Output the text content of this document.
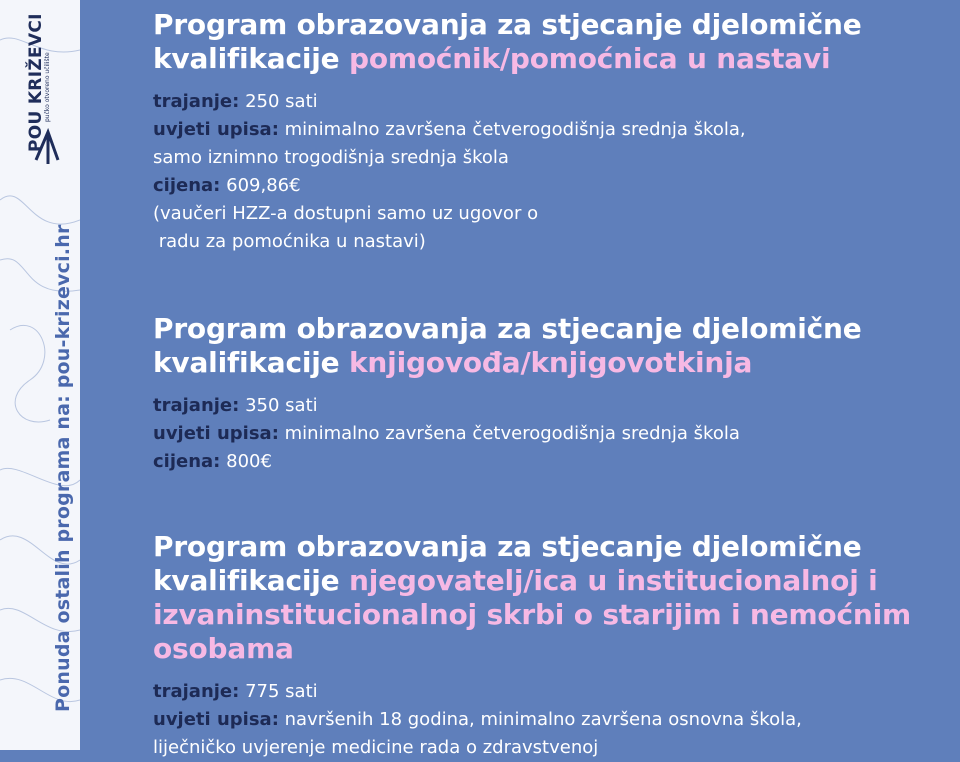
POU KRIŽEVCI
pučko otvoreno učilište
Ponuda ostalih programa na: pou-krizevci.hr
Program obrazovanja za stjecanje djelomične kvalifikacije pomoćnik/pomoćnica u nastavi
trajanje: 250 sati
uvjeti upisa: minimalno završena četverogodišnja srednja škola,
samo iznimno trogodišnja srednja škola
cijena: 609,86€
(vaučeri HZZ-a dostupni samo uz ugovor o
radu za pomoćnika u nastavi)
Program obrazovanja za stjecanje djelomične kvalifikacije knjigovođa/knjigovotkinja
trajanje: 350 sati
uvjeti upisa: minimalno završena četverogodišnja srednja škola
cijena: 800€
Program obrazovanja za stjecanje djelomične kvalifikacije njegovatelj/ica u institucionalnoj i izvaninstitucionalnoj skrbi o starijim i nemoćnim osobama
trajanje: 775 sati
uvjeti upisa: navršenih 18 godina, minimalno završena osnovna škola,
liječničko uvjerenje medicine rada o zdravstvenoj
